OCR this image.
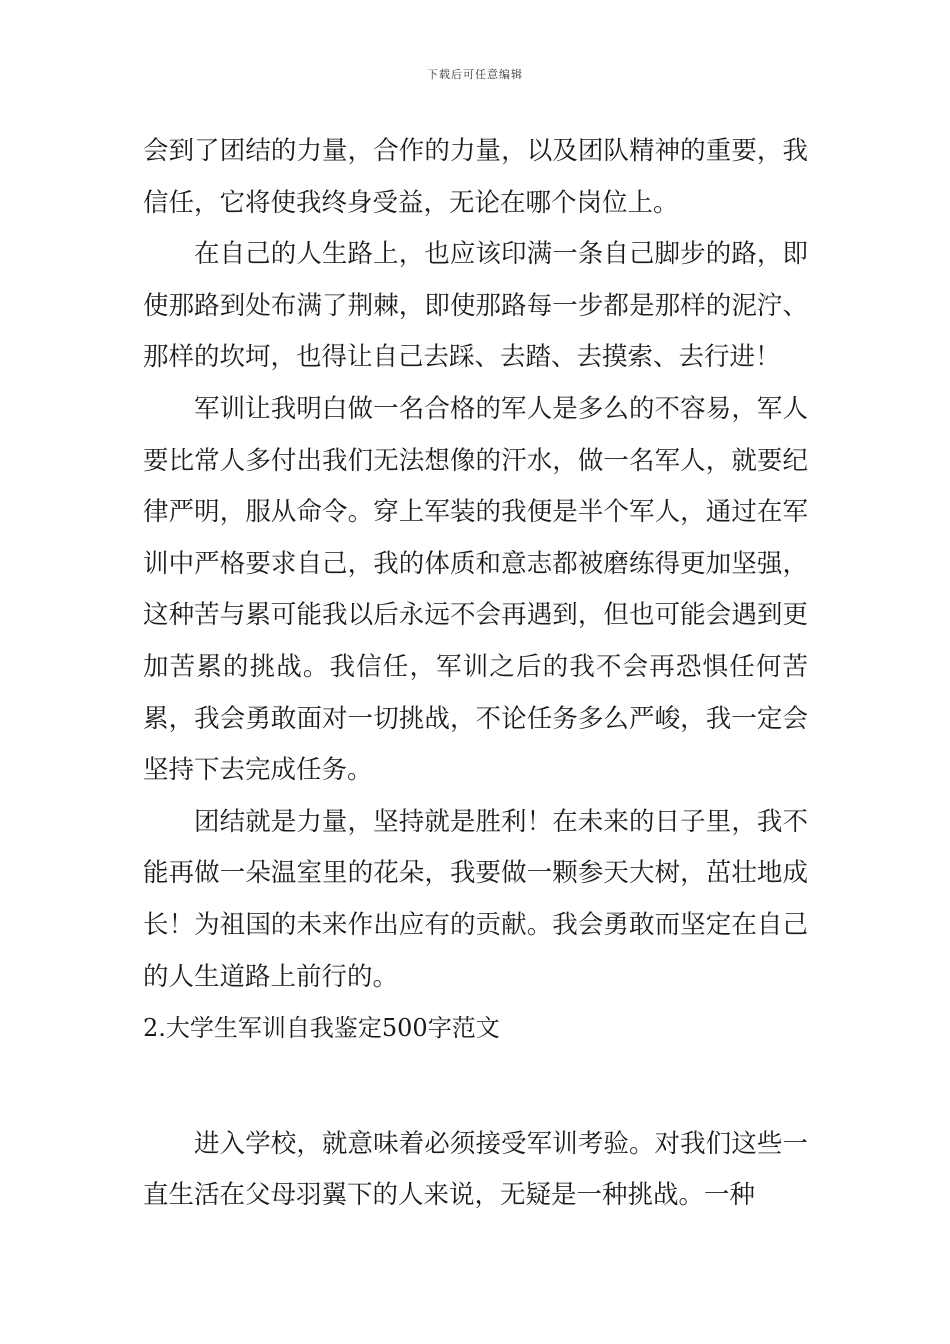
下载后可任意编辑

会到了团结的力量，合作的力量，以及团队精神的重要，我信任，它将使我终身受益，无论在哪个岗位上。

在自己的人生路上，也应该印满一条自己脚步的路，即使那路到处布满了荆棘，即使那路每一步都是那样的泥泞、那样的坎坷，也得让自己去踩、去踏、去摸索、去行进！

军训让我明白做一名合格的军人是多么的不容易，军人要比常人多付出我们无法想像的汗水，做一名军人，就要纪律严明，服从命令。穿上军装的我便是半个军人，通过在军训中严格要求自己，我的体质和意志都被磨练得更加坚强，这种苦与累可能我以后永远不会再遇到，但也可能会遇到更加苦累的挑战。我信任，军训之后的我不会再恐惧任何苦累，我会勇敢面对一切挑战，不论任务多么严峻，我一定会坚持下去完成任务。

团结就是力量，坚持就是胜利！在未来的日子里，我不能再做一朵温室里的花朵，我要做一颗参天大树，茁壮地成长！为祖国的未来作出应有的贡献。我会勇敢而坚定在自己的人生道路上前行的。

2.大学生军训自我鉴定500字范文

进入学校，就意味着必须接受军训考验。对我们这些一直生活在父母羽翼下的人来说，无疑是一种挑战。一种
